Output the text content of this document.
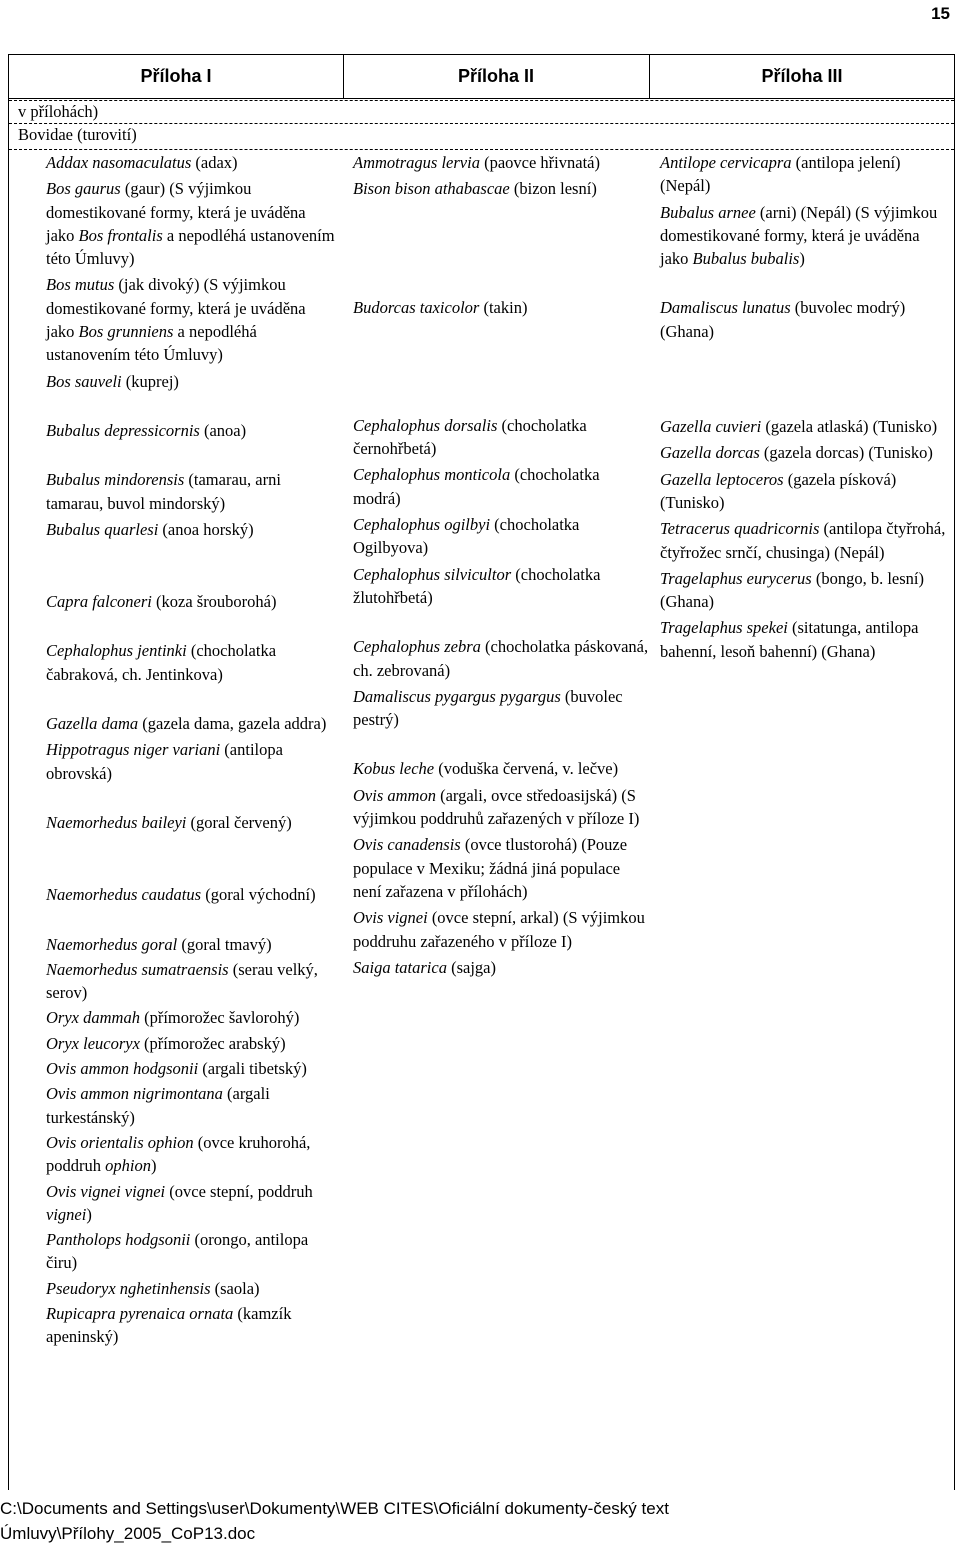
15
Příloha I	Příloha II	Příloha III
v přílohách)
Bovidae (turovití)
Addax nasomaculatus (adax)
Bos gaurus (gaur) (S výjimkou domestikované formy, která je uváděna jako Bos frontalis a nepodléhá ustanovením této Úmluvy)
Bos mutus (jak divoký) (S výjimkou domestikované formy, která je uváděna jako Bos grunniens a nepodléhá ustanovením této Úmluvy)
Bos sauveli (kuprej)
Bubalus depressicornis (anoa)
Bubalus mindorensis (tamarau, arni tamarau, buvol mindorský)
Bubalus quarlesi (anoa horský)
Capra falconeri (koza šrouborohá)
Cephalophus jentinki (chocholatka čabraková, ch. Jentinkova)
Gazella dama (gazela dama, gazela addra)
Hippotragus niger variani (antilopa obrovská)
Naemorhedus baileyi (goral červený)
Naemorhedus caudatus (goral východní)
Naemorhedus goral (goral tmavý)
Naemorhedus sumatraensis (serau velký, serov)
Oryx dammah (přímorožec šavlorohý)
Oryx leucoryx (přímorožec arabský)
Ovis ammon hodgsonii (argali tibetský)
Ovis ammon nigrimontana (argali turkestánský)
Ovis orientalis ophion (ovce kruhorohá, poddruh ophion)
Ovis vignei vignei (ovce stepní, poddruh vignei)
Pantholops hodgsonii (orongo, antilopa čiru)
Pseudoryx nghetinhensis (saola)
Rupicapra pyrenaica ornata (kamzík apeninský)
Ammotragus lervia (paovce hřivnatá)
Bison bison athabascae (bizon lesní)
Budorcas taxicolor (takin)
Cephalophus dorsalis (chocholatka černohřbetá)
Cephalophus monticola (chocholatka modrá)
Cephalophus ogilbyi (chocholatka Ogilbyova)
Cephalophus silvicultor (chocholatka žlutohřbetá)
Cephalophus zebra (chocholatka páskovaná, ch. zebrovaná)
Damaliscus pygargus pygargus (buvolec pestrý)
Kobus leche (voduška červená, v. lečve)
Ovis ammon (argali, ovce středoasijská) (S výjimkou poddruhů zařazených v příloze I)
Ovis canadensis (ovce tlustorohá) (Pouze populace v Mexiku; žádná jiná populace není zařazena v přílohách)
Ovis vignei (ovce stepní, arkal) (S výjimkou poddruhu zařazeného v příloze I)
Saiga tatarica (sajga)
Antilope cervicapra (antilopa jelení) (Nepál)
Bubalus arnee (arni) (Nepál) (S výjimkou domestikované formy, která je uváděna jako Bubalus bubalis)
Damaliscus lunatus (buvolec modrý) (Ghana)
Gazella cuvieri (gazela atlaská) (Tunisko)
Gazella dorcas (gazela dorcas) (Tunisko)
Gazella leptoceros (gazela písková) (Tunisko)
Tetracerus quadricornis (antilopa čtyřrohá, čtyřrožec srnčí, chusinga) (Nepál)
Tragelaphus eurycerus (bongo, b. lesní) (Ghana)
Tragelaphus spekei (sitatunga, antilopa bahenní, lesoň bahenní) (Ghana)
C:\Documents and Settings\user\Dokumenty\WEB CITES\Oficiální dokumenty-český text
Úmluvy\Přílohy_2005_CoP13.doc
